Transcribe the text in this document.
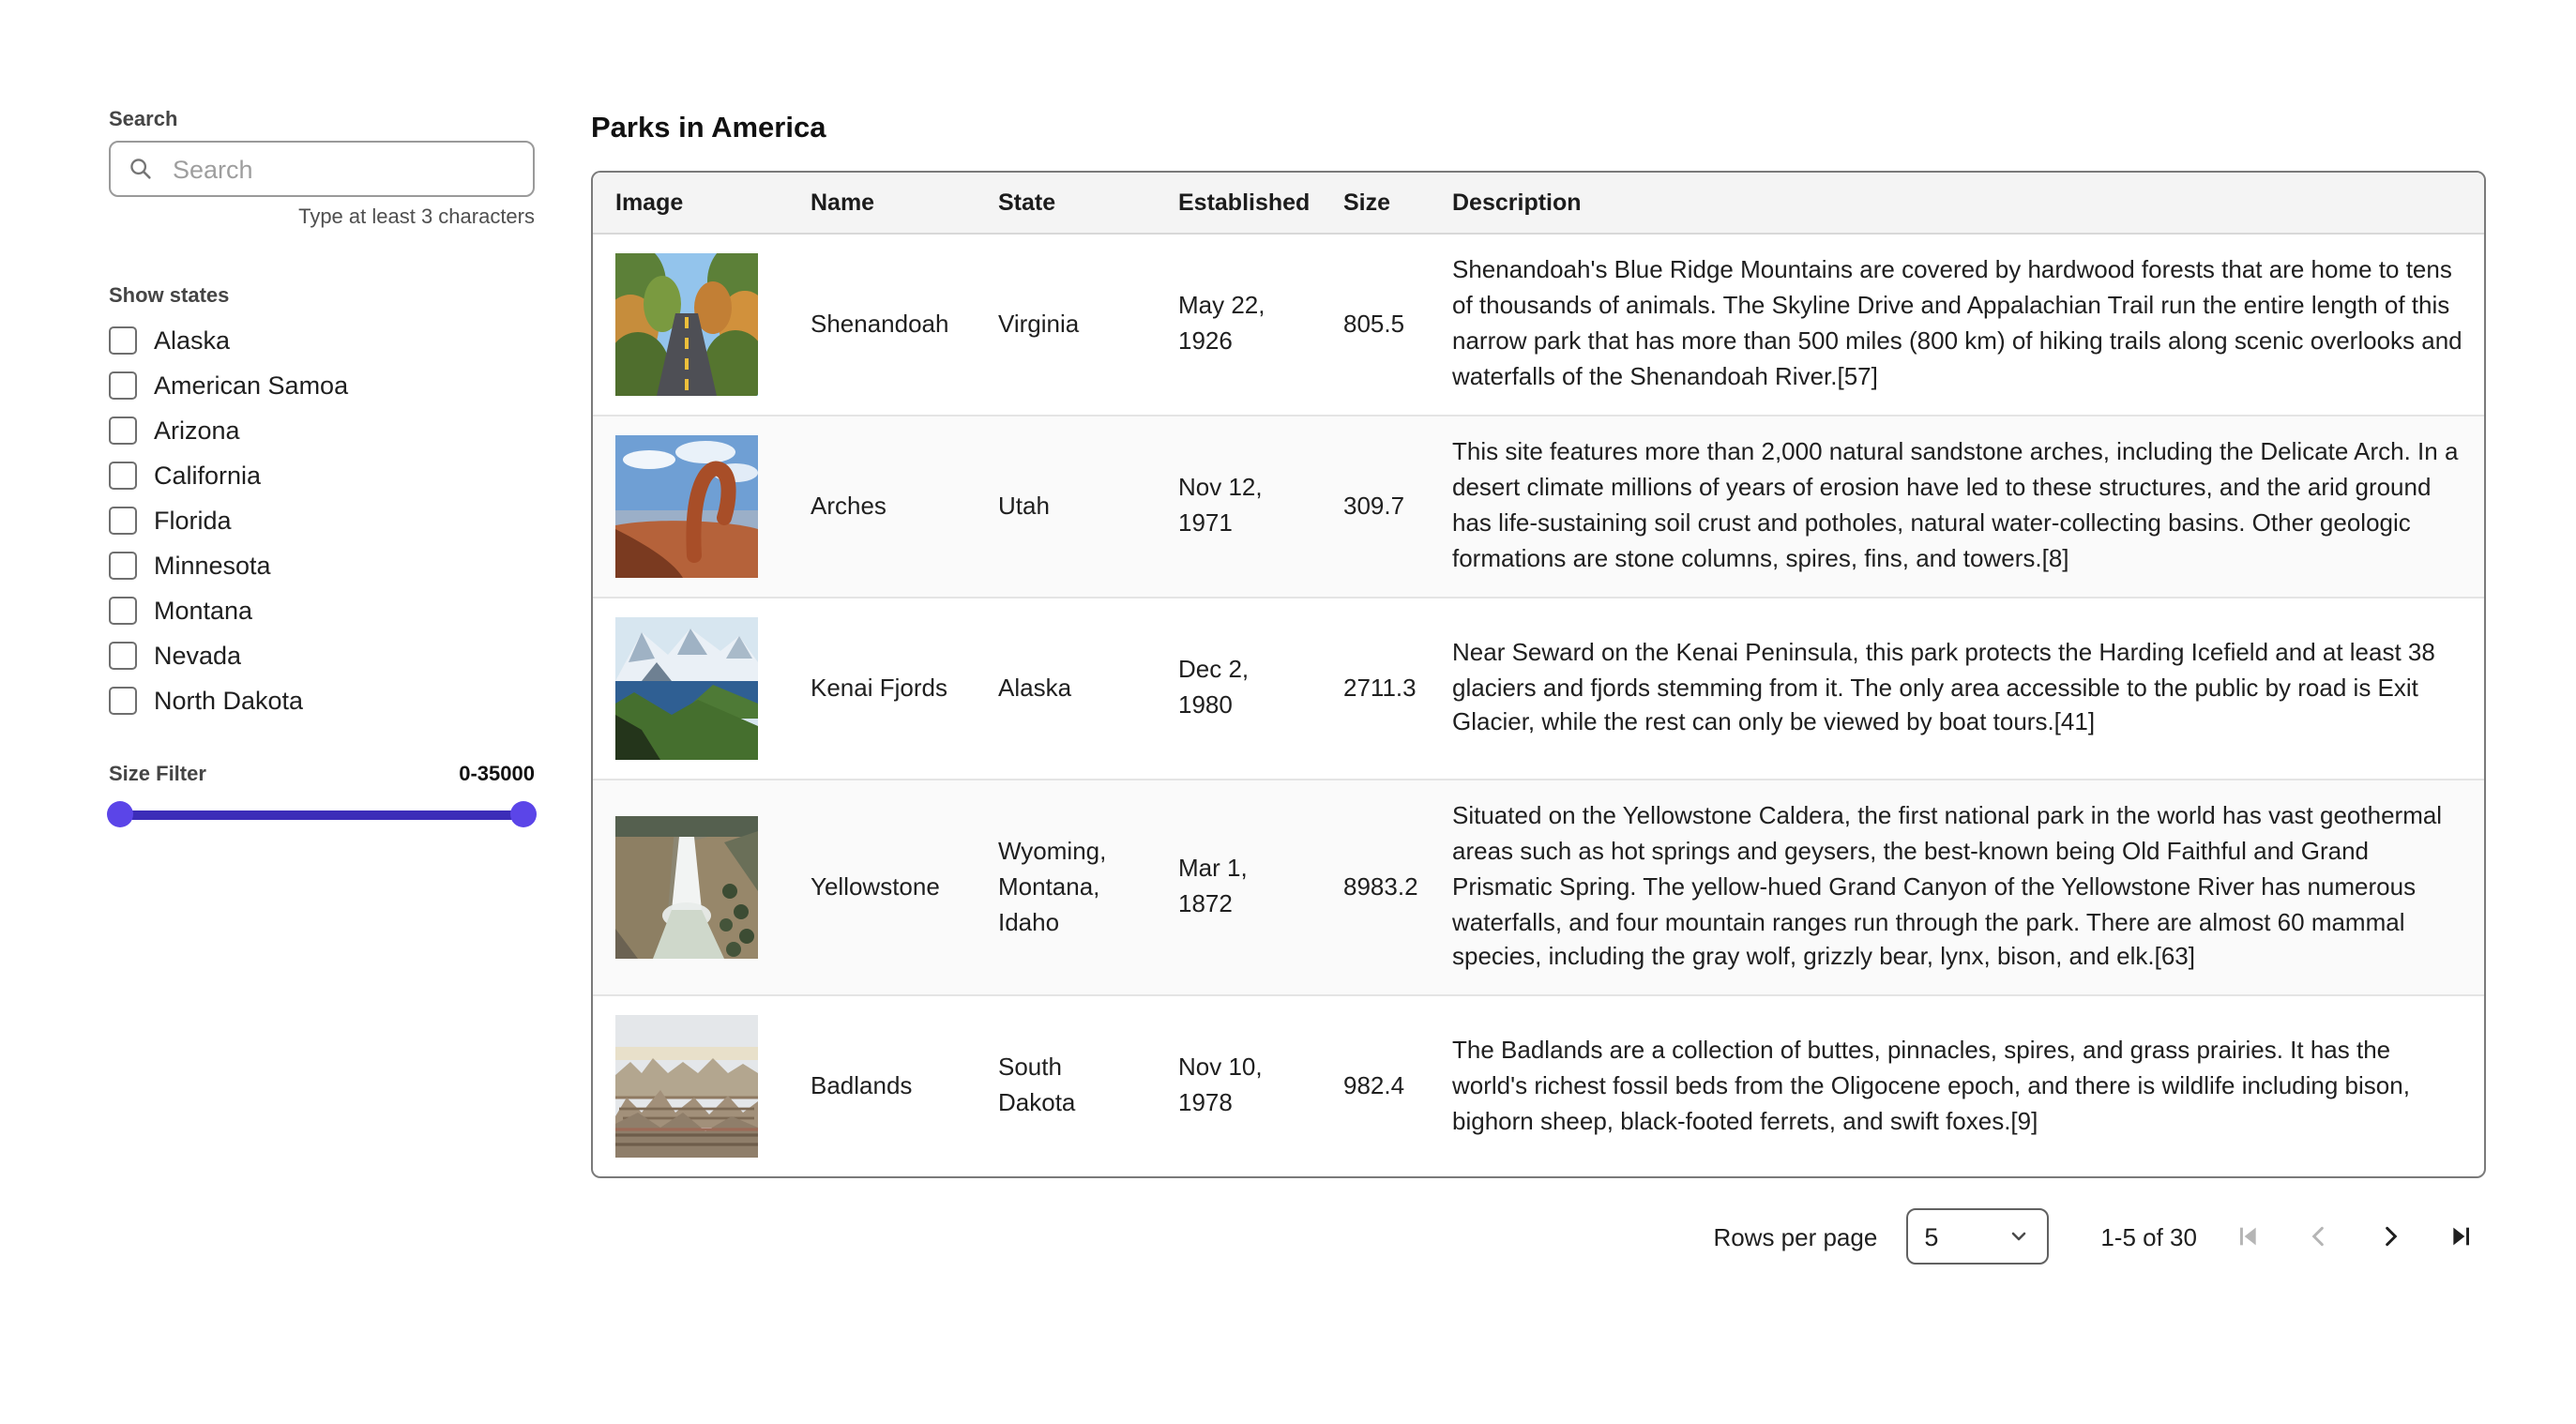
Search
Search
Type at least 3 characters
Show states
Alaska
American Samoa
Arizona
California
Florida
Minnesota
Montana
Nevada
North Dakota
Size Filter	0-35000
Parks in America
Image	Name	State	Established	Size	Description

	Shenandoah	Virginia	May 22, 1926	805.5	Shenandoah's Blue Ridge Mountains are covered by hardwood forests that are home to tens of thousands of animals. The Skyline Drive and Appalachian Trail run the entire length of this narrow park that has more than 500 miles (800 km) of hiking trails along scenic overlooks and waterfalls of the Shenandoah River.[57]

	Arches	Utah	Nov 12, 1971	309.7	This site features more than 2,000 natural sandstone arches, including the Delicate Arch. In a desert climate millions of years of erosion have led to these structures, and the arid ground has life-sustaining soil crust and potholes, natural water-collecting basins. Other geologic formations are stone columns, spires, fins, and towers.[8]

	Kenai Fjords	Alaska	Dec 2, 1980	2711.3	Near Seward on the Kenai Peninsula, this park protects the Harding Icefield and at least 38 glaciers and fjords stemming from it. The only area accessible to the public by road is Exit Glacier, while the rest can only be viewed by boat tours.[41]

	Yellowstone	Wyoming, Montana, Idaho	Mar 1, 1872	8983.2	Situated on the Yellowstone Caldera, the first national park in the world has vast geothermal areas such as hot springs and geysers, the best-known being Old Faithful and Grand Prismatic Spring. The yellow-hued Grand Canyon of the Yellowstone River has numerous waterfalls, and four mountain ranges run through the park. There are almost 60 mammal species, including the gray wolf, grizzly bear, lynx, bison, and elk.[63]

	Badlands	South Dakota	Nov 10, 1978	982.4	The Badlands are a collection of buttes, pinnacles, spires, and grass prairies. It has the world's richest fossil beds from the Oligocene epoch, and there is wildlife including bison, bighorn sheep, black-footed ferrets, and swift foxes.[9]
Rows per page	5	1-5 of 30
